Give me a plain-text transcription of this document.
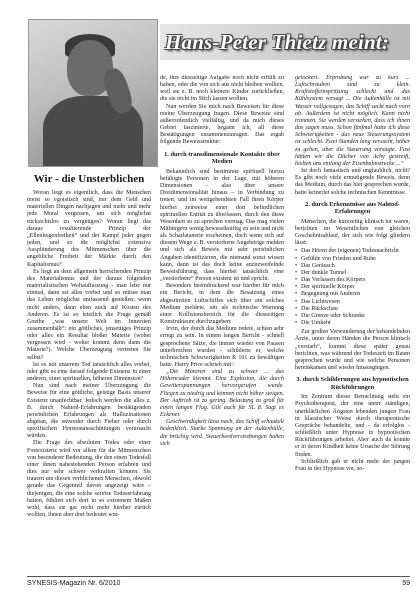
Hans-Peter Thietz meint:
Wir - die Unsterblichen

Woran liegt es eigentlich, dass die Menschen meist so egoistisch sind, nur dem Geld und materiellen Dingen nachjagen und mehr und mehr jede Moral vergessen, um sich möglichst rücksichtslos zu vergnügen? Woran liegt das daraus resultierende Prinzip der „Ellenbogenfreiheit“ und der Kampf jeder gegen jeden, und so die möglichst extensive Ausplünderung des Mitmenschen über die angebliche Freiheit der Märkte durch den Kapitalismus?

Es liegt an dem allgemein herrschenden Prinzip des Materialismus und der daraus folgenden materialistischen Weltauffassung - man lebe nur einmal, dann sei alles vorbei und so müsse man das Leben möglichst umfassend genießen; wenn nicht anders, dann eben auch auf Kosten des Anderen. Es ist so letztlich die Frage gemäß Goethe „was unsere Welt im Innersten zusammenhält“: ein göttliches, jenseitiges Prinzip oder alles ein Resultat bloßer Materie (wobei vergessen wird - woher kommt denn dann die Materie?). Welche Überzeugung vertreten Sie selbst?

Ist es mit unserem Tod tatsächlich alles vorbei, oder gibt es eine darauf folgende Existenz in einer anderen, einer spirituellen, höheren Dimension?

Nun sind nach meiner Überzeugung die Beweise für eine göttliche, geistige Basis unserer Existenz unanfechtbar. Jedoch werden die alles z. B. durch Nahtod-Erfahrungen bestätigenden persönlichen Erfahrungen als Halluzinationen abgetan, die entweder durch Fieber oder durch spezifischen Hormonausschüttungen verursacht würden.

Die Frage des absoluten Todes oder einer Fortexistenz wird vor allem für die Mitmenschen von besonderer Bedeutung, die den einen Todesfall einer ihnen nahestehenden Person erfahren und dies nur sehr schwer verkraften können. Sie trauern um diesen verblichenen Menschen, obwohl gerade das Gegenteil davon angezeigt wäre – diejenigen, die eine solche seriöse Todeserfahrung hatten, fühlten sich dort in so extremem Maßen wohl, dass sie gar nicht mehr hierher zurück wollten, ihnen aber dort bedeutet wur-

de, ihre diesseitige Aufgabe noch nicht erfüllt zu haben, oder die von sich aus nicht bleiben wollten, weil sie z. B. noch kleinere Kinder zurückließen, die sie nicht im Stich lassen wollten.

Nun werden Sie mich nach Beweisen für diese meine Überzeugung fragen. Diese Beweise sind außerordentlich vielfältig, und da mich dieses Gebiet faszinierte, begann ich, all diese Bestätigungen zusammenzutragen. Das ergab folgende Beweisstruktur:

1. durch transdimensionale Kontakte über Medien

Bekanntlich sind bestimmte spirituell hierzu befähigte Personen in der Lage, mit höheren Dimensionen – also über unsere Dreidimensionalität hinaus – in Verbindung zu treten, und im weitgehendsten Fall ihren Körper hierbei zeitweise einer dort befindlichen spirituellen Entität zu überlassen, durch den diese Wesenheit so zu sprechen vermag. Das mag vielen Mitbürgern wenig bewusstkräftig zu sein und nicht als Scharlatanerie erscheinen, doch wenn sich auf diesem Wege z. B. verstorbene Angehörige melden und sich als Beweis mit sehr persönlichen Angaben identifizieren, die niemand sonst wissen kann, dann ist das doch keine anzuzweifelnde Beweisführung, dass hierbei tatsächlich eine „verstorbene“ Person existent ist und spricht.

Besonders beeindruckend war hierbei für mich ein Bericht, in dem die Besatzung eines abgestürzten Luftschiffes sich über ein solches Medium meldete, um als technische Warnung einer Kollisionsbereich für die diesseitigen Konstrukteure durchzugeben:

Irvin, der durch das Medium redete, schien sehr erregt zu sein. In einem langen Bericht - schnell gesprochene Sätze, die immer wieder von Pausen unterbrochen wurden - schilderte er, welche technischen Schwierigkeiten R 101 zu bewältigen hatte. Harry Price schrieb mit:

„Die Motoren sind zu schwer ... das Höhenruder klemmt. Eine Explosion, die durch Gewitterspannungen hervorgerufen wurde. Fliegen zu niedrig und können nicht höher steigen. Der Auftrieb ist zu gering. Belastung zu groß für einen langen Flug. Gilt auch für SL 8. Sagt es Eckener.

Geschwindigkeit lässt nach, das Schiff schaukelt bedenklich. Starke Spannung an der Außenhülle, die brüchig wird. Steuerbordverstrebungen haben sich

gelockert. Erprobung war zu kurz ... Luftschrauben sind zu klein. Kraftstoffeinspritzung schlecht und das Kühlsystem versagt ... Die Außenhülle ist mit Wasser vollgesogen, das Schiff sackt nach vorn ab. Außerdem ist nicht möglich. Kann nicht trimmen. Sie werden verstehen, dass ich ihnen das sagen muss. Schon fünfmal hatte ich diese Schwierigkeiten - das neue Steuerungssystem ist schlecht. Zwei Stunden lang versucht, höher zu gehen, aber die Steuerung versagte. Fast hätten wir die Dächer von Achy gestreift, hielten uns entlang der Eisenbahnstrecke ...“

Ist doch fantastisch und unglaublich, nicht? Es gibt noch viele ermutigende Beweis, denn das Medium, durch das hier gesprochen wurde, hatte keinerlei solche technischen Kenntnisse.

2. durch Erkenntnisse aus Nahtod-Erfahrungen

Menschen, die kurzzeitig klinisch tot waren, berichten im Wesentlichen von gleichen Geschehnisablauf, der sich wie folgt gliedern lässt:

• Das Hören der (eigenen) Todesnachricht
• Gefühle von Frieden und Ruhe
• Das Geräusch
• Der dunkle Tunnel
• Das Verlassen des Körpers
• Der spirituelle Körper
• Begegnung mit Anderen
• Das Lichtwesen
• Die Rückschau
• Die Grenze oder Schranke
• Die Umkehr

Zur großen Verwunderung der behandelnden Ärzte, unter deren Händen die Person klinisch „verstarb“, kommt diese später genau berichten, was während der Todeszeit im Raum gesprochen wurde und wie welche Personen hereinkamen und wieder hinausgingen.

3. durch Schilderungen aus hypnotischen Rückführungen

Im Zentrum dieser Betrachtung steht ein Psychotherapeut, der eine unter ständigen, unerklärlichen Ängsten lebenden jungen Frau in klassischer Weise durch therapeutische Gespräche behandelte, und - da erfolglos - schließlich unter Hypnose in hypnotischen Rückführungen arbeitet. Aber auch da konnte er in deren Kindheit keine Ursache der Störung finden.

Schließlich gab er nicht mehr der jungen Frau in der Hypnose vor, so-

SYNESIS-Magazin Nr. 6/2010	59
